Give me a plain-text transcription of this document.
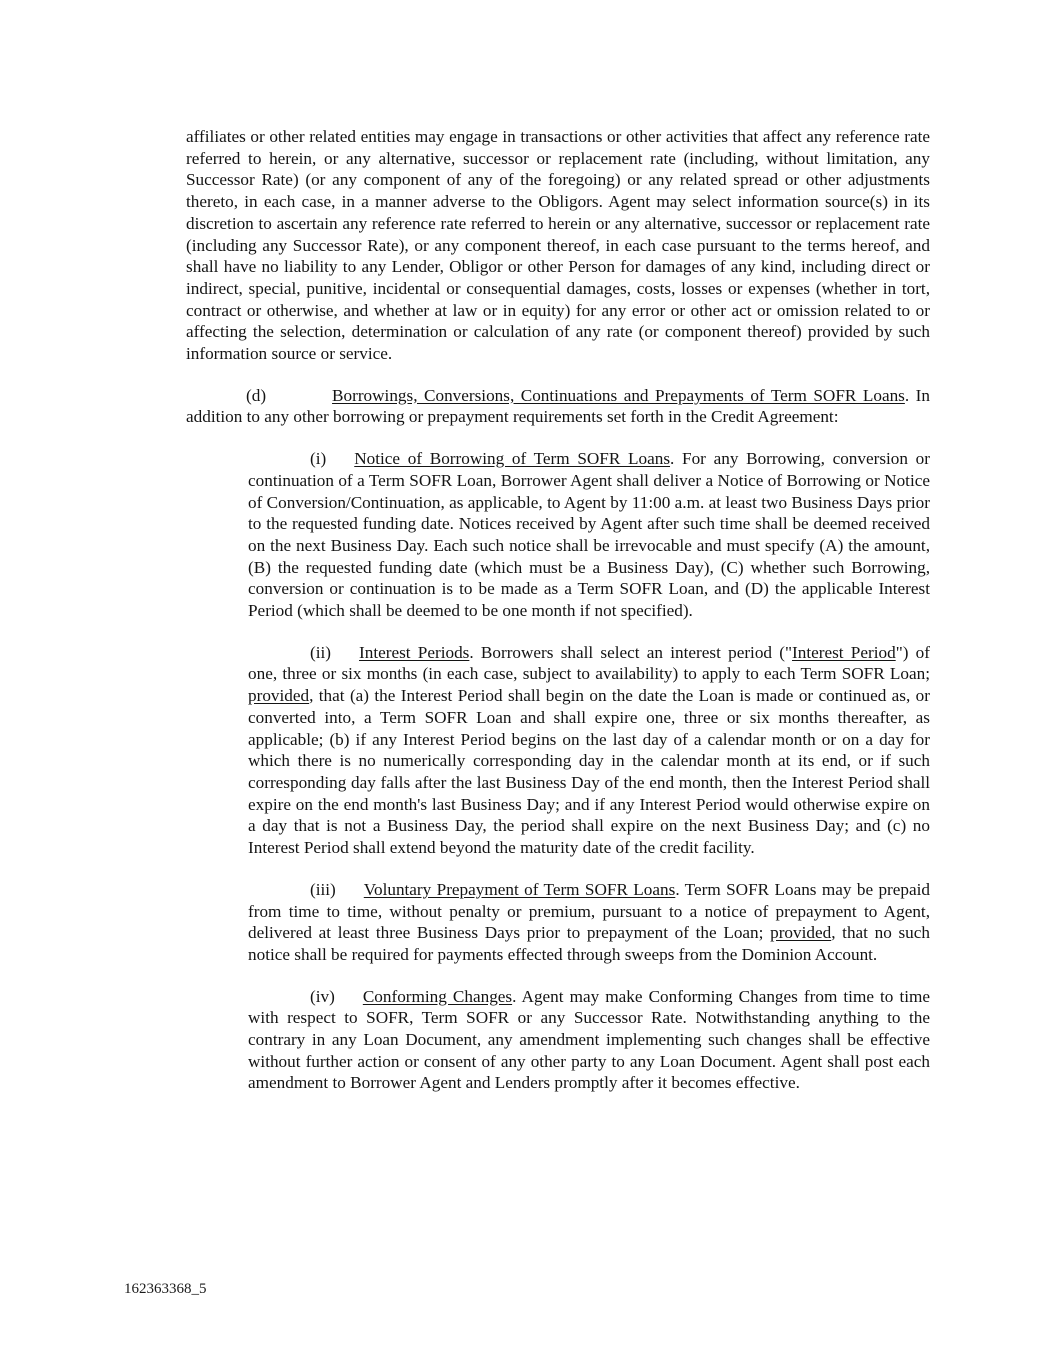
affiliates or other related entities may engage in transactions or other activities that affect any reference rate referred to herein, or any alternative, successor or replacement rate (including, without limitation, any Successor Rate) (or any component of any of the foregoing) or any related spread or other adjustments thereto, in each case, in a manner adverse to the Obligors. Agent may select information source(s) in its discretion to ascertain any reference rate referred to herein or any alternative, successor or replacement rate (including any Successor Rate), or any component thereof, in each case pursuant to the terms hereof, and shall have no liability to any Lender, Obligor or other Person for damages of any kind, including direct or indirect, special, punitive, incidental or consequential damages, costs, losses or expenses (whether in tort, contract or otherwise, and whether at law or in equity) for any error or other act or omission related to or affecting the selection, determination or calculation of any rate (or component thereof) provided by such information source or service.

(d)	Borrowings, Conversions, Continuations and Prepayments of Term SOFR Loans. In addition to any other borrowing or prepayment requirements set forth in the Credit Agreement:

(i) Notice of Borrowing of Term SOFR Loans. For any Borrowing, conversion or continuation of a Term SOFR Loan, Borrower Agent shall deliver a Notice of Borrowing or Notice of Conversion/Continuation, as applicable, to Agent by 11:00 a.m. at least two Business Days prior to the requested funding date. Notices received by Agent after such time shall be deemed received on the next Business Day. Each such notice shall be irrevocable and must specify (A) the amount, (B) the requested funding date (which must be a Business Day), (C) whether such Borrowing, conversion or continuation is to be made as a Term SOFR Loan, and (D) the applicable Interest Period (which shall be deemed to be one month if not specified).

(ii) Interest Periods. Borrowers shall select an interest period ("Interest Period") of one, three or six months (in each case, subject to availability) to apply to each Term SOFR Loan; provided, that (a) the Interest Period shall begin on the date the Loan is made or continued as, or converted into, a Term SOFR Loan and shall expire one, three or six months thereafter, as applicable; (b) if any Interest Period begins on the last day of a calendar month or on a day for which there is no numerically corresponding day in the calendar month at its end, or if such corresponding day falls after the last Business Day of the end month, then the Interest Period shall expire on the end month's last Business Day; and if any Interest Period would otherwise expire on a day that is not a Business Day, the period shall expire on the next Business Day; and (c) no Interest Period shall extend beyond the maturity date of the credit facility.

(iii) Voluntary Prepayment of Term SOFR Loans. Term SOFR Loans may be prepaid from time to time, without penalty or premium, pursuant to a notice of prepayment to Agent, delivered at least three Business Days prior to prepayment of the Loan; provided, that no such notice shall be required for payments effected through sweeps from the Dominion Account.

(iv) Conforming Changes. Agent may make Conforming Changes from time to time with respect to SOFR, Term SOFR or any Successor Rate. Notwithstanding anything to the contrary in any Loan Document, any amendment implementing such changes shall be effective without further action or consent of any other party to any Loan Document. Agent shall post each amendment to Borrower Agent and Lenders promptly after it becomes effective.

162363368_5
